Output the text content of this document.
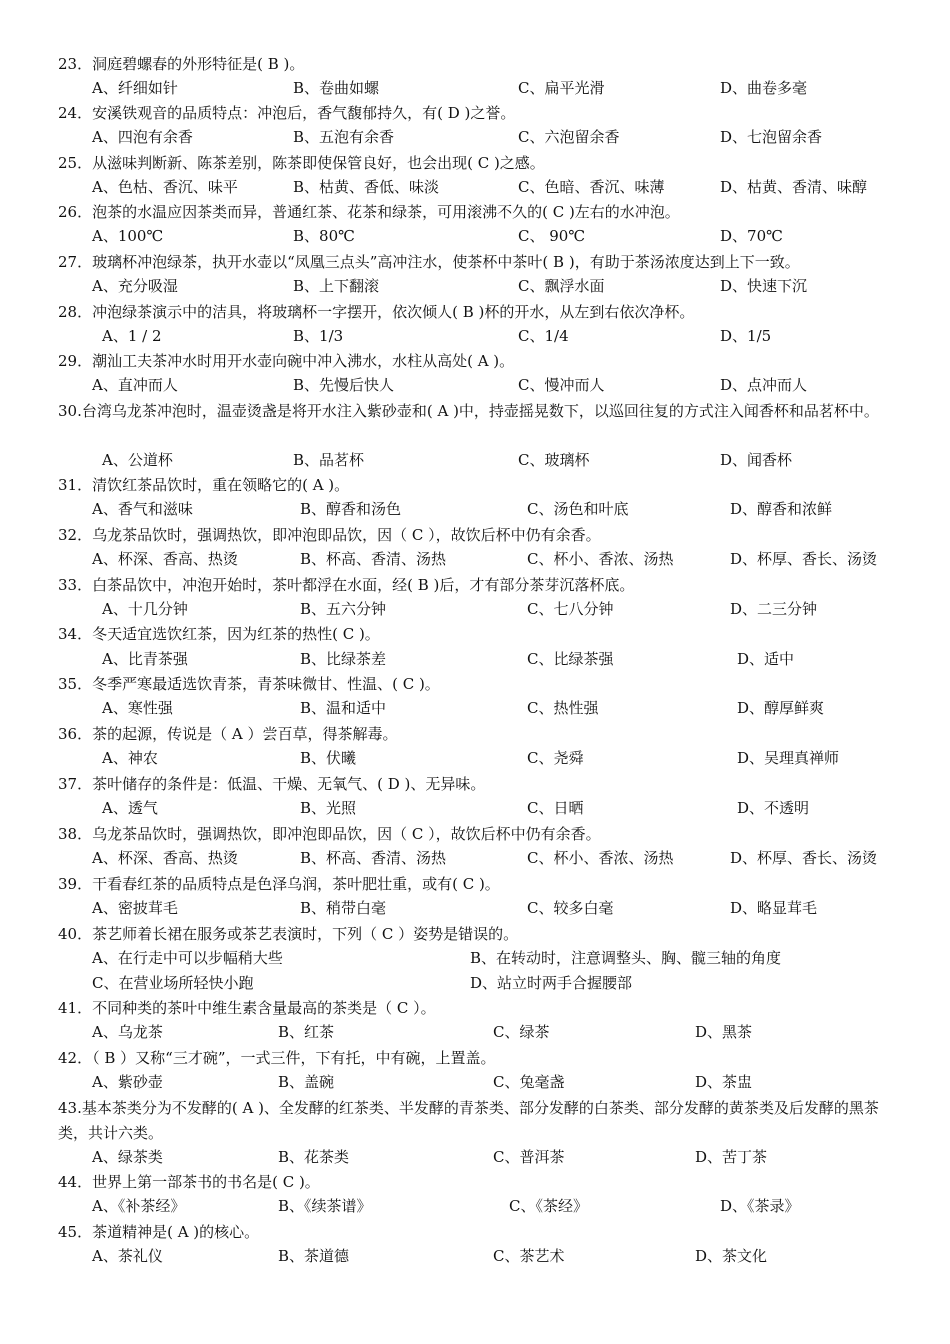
23．洞庭碧螺春的外形特征是( B )。
A、纤细如针	B、卷曲如螺	C、扁平光滑	D、曲卷多毫
24．安溪铁观音的品质特点：冲泡后，香气馥郁持久，有( D )之誉。
A、四泡有余香	B、五泡有余香	C、六泡留余香	D、七泡留余香
25．从滋味判断新、陈茶差别，陈茶即使保管良好，也会出现( C )之感。
A、色枯、香沉、味平	B、枯黄、香低、味淡	C、色暗、香沉、味薄	D、枯黄、香清、味醇
26．泡茶的水温应因茶类而异，普通红茶、花茶和绿茶，可用滚沸不久的( C )左右的水冲泡。
A、100℃	B、80℃	C、 90℃	D、70℃
27．玻璃杯冲泡绿茶，执开水壶以“凤凰三点头”高冲注水，使茶杯中茶叶( B )，有助于茶汤浓度达到上下一致。
A、充分吸湿	B、上下翻滚	C、飘浮水面	D、快速下沉
28．冲泡绿茶演示中的洁具，将玻璃杯一字摆开，依次倾人( B )杯的开水，从左到右依次净杯。
A、1 / 2	B、1/3	C、1/4	D、1/5
29．潮汕工夫茶冲水时用开水壶向碗中冲入沸水，水柱从高处( A )。
A、直冲而人	B、先慢后快人	C、慢冲而人	D、点冲而人
30.台湾乌龙茶冲泡时，温壶烫盏是将开水注入紫砂壶和( A )中，持壶摇晃数下，以巡回往复的方式注入闻香杯和品茗杯中。
A、公道杯	B、品茗杯	C、玻璃杯	D、闻香杯
31．清饮红茶品饮时，重在领略它的( A )。
A、香气和滋味	B、醇香和汤色	C、汤色和叶底	D、醇香和浓鲜
32．乌龙茶品饮时，强调热饮，即冲泡即品饮，因（ C ），故饮后杯中仍有余香。
A、杯深、香高、热烫	B、杯高、香清、汤热	C、杯小、香浓、汤热	D、杯厚、香长、汤烫
33．白茶品饮中，冲泡开始时，茶叶都浮在水面，经( B )后，才有部分茶芽沉落杯底。
A、十几分钟	B、五六分钟	C、七八分钟	D、二三分钟
34．冬天适宜选饮红茶，因为红茶的热性( C )。
A、比青茶强	B、比绿茶差	C、比绿茶强	D、适中
35．冬季严寒最适选饮青茶，青茶味微甘、性温、( C )。
A、寒性强	B、温和适中	C、热性强	D、醇厚鲜爽
36．茶的起源，传说是（ A ）尝百草，得茶解毒。
A、神农	B、伏曦	C、尧舜	D、吴理真禅师
37．茶叶储存的条件是：低温、干燥、无氧气、( D )、无异味。
A、透气	B、光照	C、日晒	D、不透明
38．乌龙茶品饮时，强调热饮，即冲泡即品饮，因（ C ），故饮后杯中仍有余香。
A、杯深、香高、热烫	B、杯高、香清、汤热	C、杯小、香浓、汤热	D、杯厚、香长、汤烫
39．干看春红茶的品质特点是色泽乌润，茶叶肥壮重，或有( C )。
A、密披茸毛	B、稍带白毫	C、较多白毫	D、略显茸毛
40．茶艺师着长裙在服务或茶艺表演时，下列（ C ）姿势是错误的。
A、在行走中可以步幅稍大些	B、在转动时，注意调整头、胸、髋三轴的角度
C、在营业场所轻快小跑	D、站立时两手合握腰部
41．不同种类的茶叶中维生素含量最高的茶类是（ C ）。
A、乌龙茶	B、红茶	C、绿茶	D、黑茶
42．（ B ）又称“三才碗”，一式三件，下有托，中有碗，上置盖。
A、紫砂壶	B、盖碗	C、兔毫盏	D、茶盅
43.基本茶类分为不发酵的( A )、全发酵的红茶类、半发酵的青茶类、部分发酵的白茶类、部分发酵的黄茶类及后发酵的黑茶类，共计六类。
A、绿茶类	B、花茶类	C、普洱茶	D、苦丁茶
44．世界上第一部茶书的书名是( C )。
A、《补茶经》	B、《续茶谱》	C、《茶经》	D、《茶录》
45．茶道精神是( A )的核心。
A、茶礼仪	B、茶道德	C、茶艺术	D、茶文化
